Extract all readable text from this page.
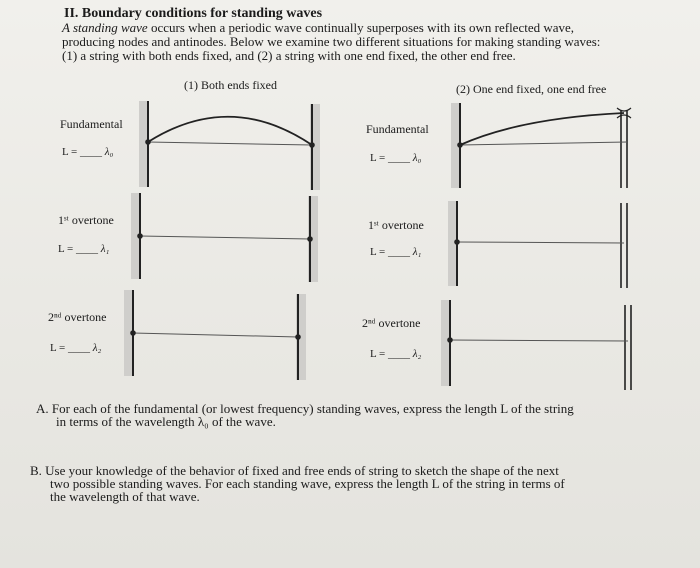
II. Boundary conditions for standing waves
A standing wave occurs when a periodic wave continually superposes with its own reflected wave,
producing nodes and antinodes. Below we examine two different situations for making standing waves:
(1) a string with both ends fixed, and (2) a string with one end fixed, the other end free.
(1) Both ends fixed	(2) One end fixed, one end free
Fundamental
L = ____ λ₀
1ˢᵗ overtone
L = ____ λ₁
2ⁿᵈ overtone
L = ____ λ₂
Fundamental
L = ____ λ₀
1ˢᵗ overtone
L = ____ λ₁
2ⁿᵈ overtone
L = ____ λ₂
A. For each of the fundamental (or lowest frequency) standing waves, express the length L of the string
in terms of the wavelength λ₀ of the wave.
B. Use your knowledge of the behavior of fixed and free ends of string to sketch the shape of the next
two possible standing waves. For each standing wave, express the length L of the string in terms of
the wavelength of that wave.
